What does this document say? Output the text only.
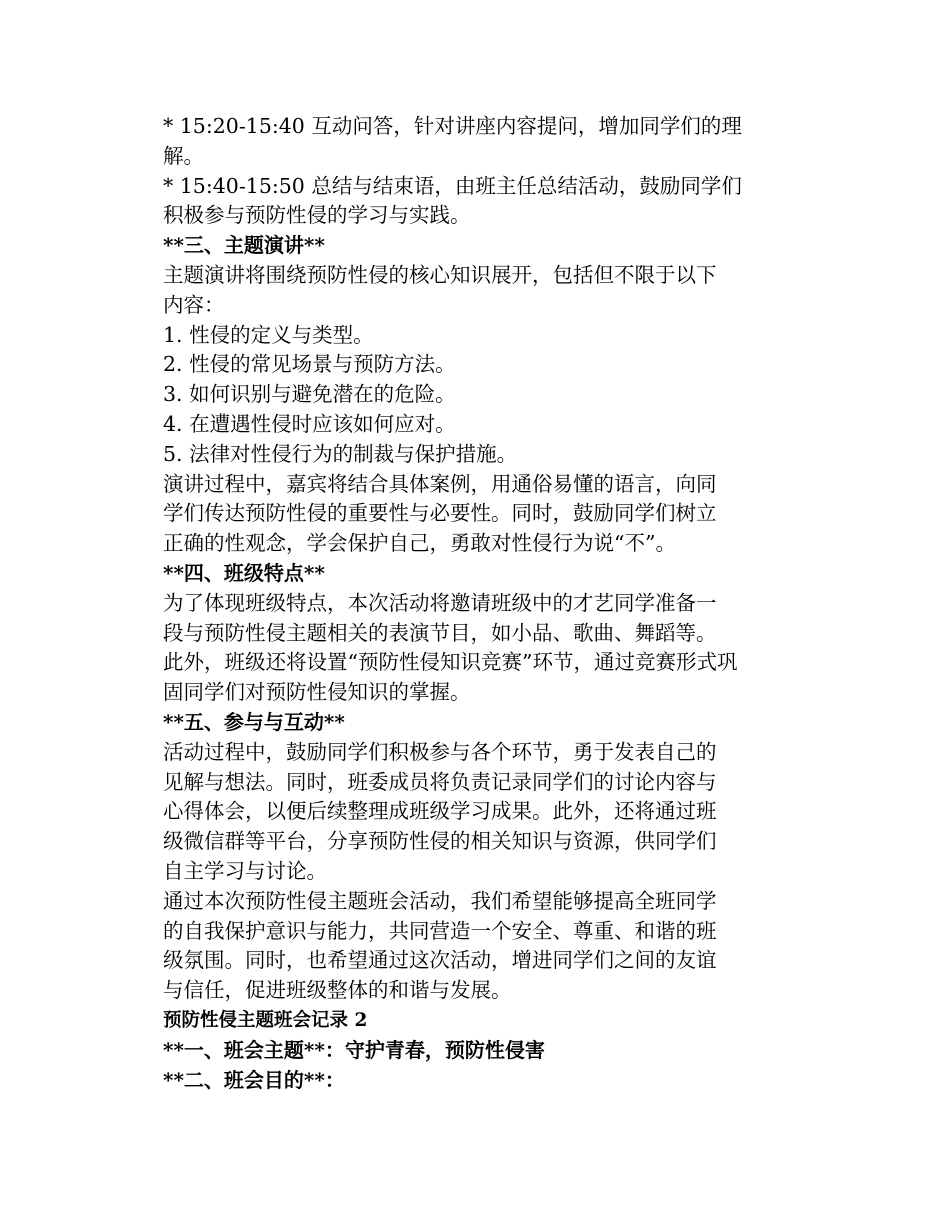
* 15:20-15:40 互动问答，针对讲座内容提问，增加同学们的理
解。
* 15:40-15:50 总结与结束语，由班主任总结活动，鼓励同学们
积极参与预防性侵的学习与实践。
**三、主题演讲**
主题演讲将围绕预防性侵的核心知识展开，包括但不限于以下
内容：
1. 性侵的定义与类型。
2. 性侵的常见场景与预防方法。
3. 如何识别与避免潜在的危险。
4. 在遭遇性侵时应该如何应对。
5. 法律对性侵行为的制裁与保护措施。
演讲过程中，嘉宾将结合具体案例，用通俗易懂的语言，向同
学们传达预防性侵的重要性与必要性。同时，鼓励同学们树立
正确的性观念，学会保护自己，勇敢对性侵行为说“不”。
**四、班级特点**
为了体现班级特点，本次活动将邀请班级中的才艺同学准备一
段与预防性侵主题相关的表演节目，如小品、歌曲、舞蹈等。
此外，班级还将设置“预防性侵知识竞赛”环节，通过竞赛形式巩
固同学们对预防性侵知识的掌握。
**五、参与与互动**
活动过程中，鼓励同学们积极参与各个环节，勇于发表自己的
见解与想法。同时，班委成员将负责记录同学们的讨论内容与
心得体会，以便后续整理成班级学习成果。此外，还将通过班
级微信群等平台，分享预防性侵的相关知识与资源，供同学们
自主学习与讨论。
通过本次预防性侵主题班会活动，我们希望能够提高全班同学
的自我保护意识与能力，共同营造一个安全、尊重、和谐的班
级氛围。同时，也希望通过这次活动，增进同学们之间的友谊
与信任，促进班级整体的和谐与发展。
预防性侵主题班会记录 2
**一、班会主题**：守护青春，预防性侵害
**二、班会目的**：
